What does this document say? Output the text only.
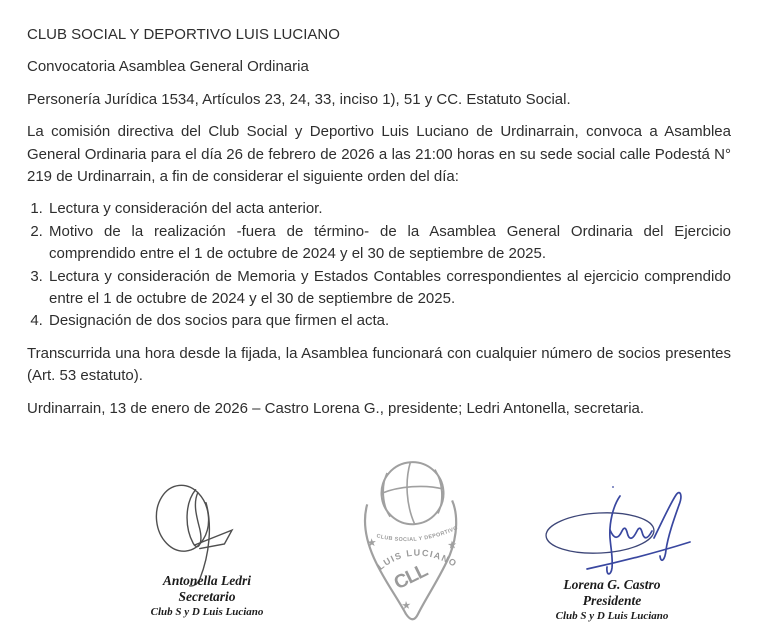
CLUB SOCIAL Y DEPORTIVO LUIS LUCIANO

Convocatoria Asamblea General Ordinaria

Personería Jurídica 1534, Artículos 23, 24, 33, inciso 1), 51 y CC. Estatuto Social.

La comisión directiva del Club Social y Deportivo Luis Luciano de Urdinarrain, convoca a Asamblea General Ordinaria para el día 26 de febrero de 2026 a las 21:00 horas en su sede social calle Podestá N° 219 de Urdinarrain, a fin de considerar el siguiente orden del día:

1. Lectura y consideración del acta anterior.
2. Motivo de la realización -fuera de término- de la Asamblea General Ordinaria del Ejercicio comprendido entre el 1 de octubre de 2024 y el 30 de septiembre de 2025.
3. Lectura y consideración de Memoria y Estados Contables correspondientes al ejercicio comprendido entre el 1 de octubre de 2024 y el 30 de septiembre de 2025.
4. Designación de dos socios para que firmen el acta.

Transcurrida una hora desde la fijada, la Asamblea funcionará con cualquier número de socios presentes (Art. 53 estatuto).

Urdinarrain, 13 de enero de 2026 – Castro Lorena G., presidente; Ledri Antonella, secretaria.

Antonella Ledri
Secretario
Club S y D Luis Luciano
CLUB SOCIAL Y DEPORTIVO
LUIS LUCIANO
CLL
★	★
★
Lorena G. Castro
Presidente
Club S y D Luis Luciano
